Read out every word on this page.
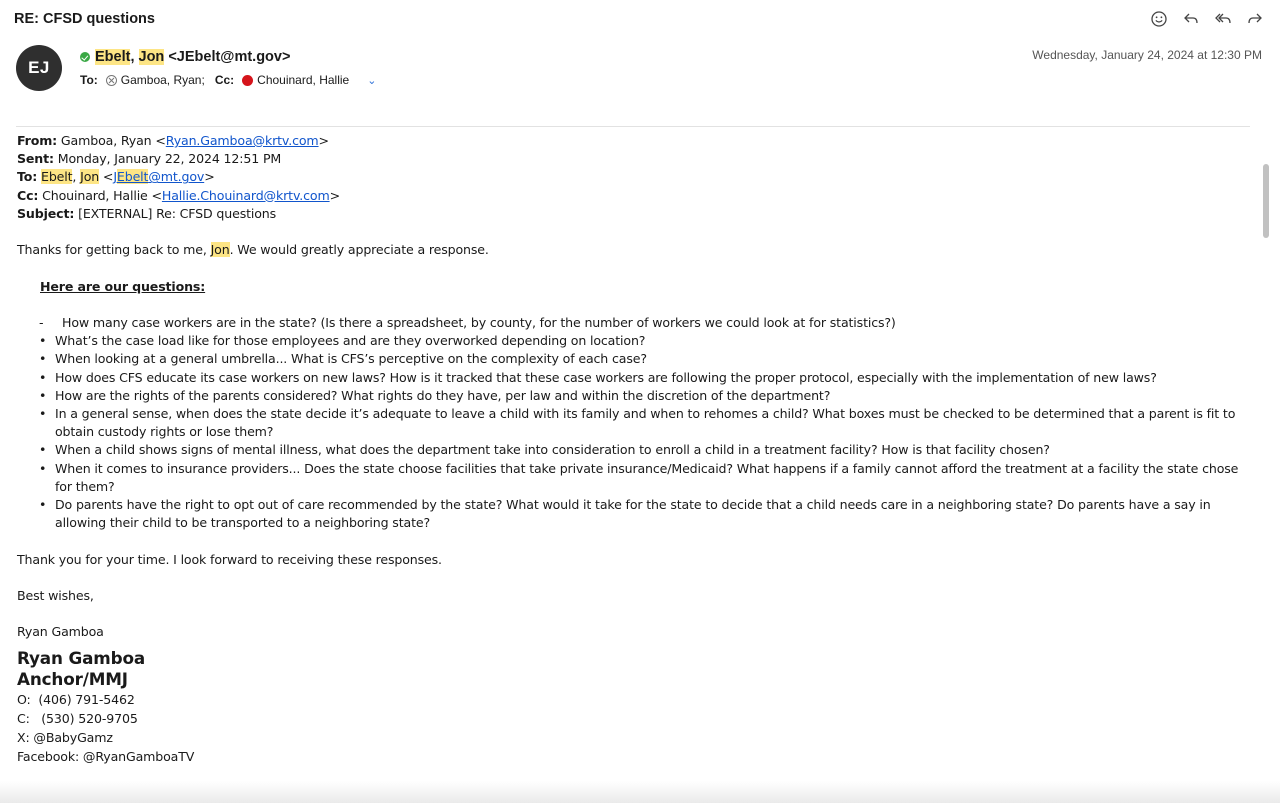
RE: CFSD questions
EJ
Ebelt , Jon <JEbelt@mt.gov>
To: Gamboa, Ryan; Cc: Chouinard, Hallie ⌄
Wednesday, January 24, 2024 at 12:30 PM
From: Gamboa, Ryan <Ryan.Gamboa@krtv.com>
Sent: Monday, January 22, 2024 12:51 PM
To: Ebelt, Jon <JEbelt@mt.gov>
Cc: Chouinard, Hallie <Hallie.Chouinard@krtv.com>
Subject: [EXTERNAL] Re: CFSD questions
Thanks for getting back to me, Jon. We would greatly appreciate a response.
Here are our questions:
- How many case workers are in the state? (Is there a spreadsheet, by county, for the number of workers we could look at for statistics?)
• What’s the case load like for those employees and are they overworked depending on location?
• When looking at a general umbrella... What is CFS’s perceptive on the complexity of each case?
• How does CFS educate its case workers on new laws? How is it tracked that these case workers are following the proper protocol, especially with the implementation of new laws?
• How are the rights of the parents considered? What rights do they have, per law and within the discretion of the department?
• In a general sense, when does the state decide it’s adequate to leave a child with its family and when to rehomes a child? What boxes must be checked to be determined that a parent is fit to obtain custody rights or lose them?
• When a child shows signs of mental illness, what does the department take into consideration to enroll a child in a treatment facility? How is that facility chosen?
• When it comes to insurance providers... Does the state choose facilities that take private insurance/Medicaid? What happens if a family cannot afford the treatment at a facility the state chose for them?
• Do parents have the right to opt out of care recommended by the state? What would it take for the state to decide that a child needs care in a neighboring state? Do parents have a say in allowing their child to be transported to a neighboring state?
Thank you for your time. I look forward to receiving these responses.
Best wishes,
Ryan Gamboa
Ryan Gamboa
Anchor/MMJ
O:  (406) 791-5462
C:   (530) 520-9705
X: @BabyGamz
Facebook: @RyanGamboaTV
